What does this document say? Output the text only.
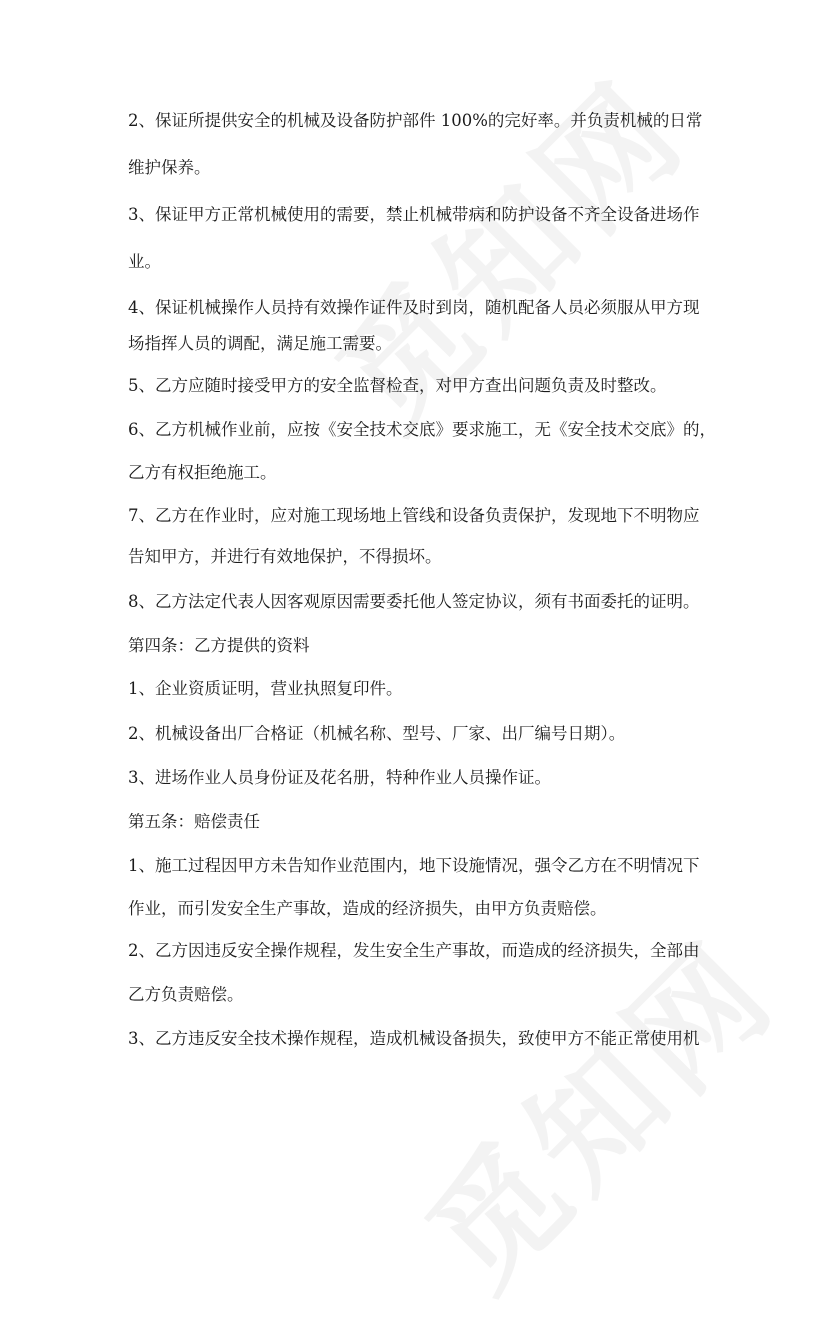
2、保证所提供安全的机械及设备防护部件 100%的完好率。并负责机械的日常
维护保养。
3、保证甲方正常机械使用的需要，禁止机械带病和防护设备不齐全设备进场作
业。
4、保证机械操作人员持有效操作证件及时到岗，随机配备人员必须服从甲方现
场指挥人员的调配，满足施工需要。
5、乙方应随时接受甲方的安全监督检查，对甲方查出问题负责及时整改。
6、乙方机械作业前，应按《安全技术交底》要求施工，无《安全技术交底》的，
乙方有权拒绝施工。
7、乙方在作业时，应对施工现场地上管线和设备负责保护，发现地下不明物应
告知甲方，并进行有效地保护，不得损坏。
8、乙方法定代表人因客观原因需要委托他人签定协议，须有书面委托的证明。
第四条：乙方提供的资料
1、企业资质证明，营业执照复印件。
2、机械设备出厂合格证（机械名称、型号、厂家、出厂编号日期）。
3、进场作业人员身份证及花名册，特种作业人员操作证。
第五条：赔偿责任
1、施工过程因甲方未告知作业范围内，地下设施情况，强令乙方在不明情况下
作业，而引发安全生产事故，造成的经济损失，由甲方负责赔偿。
2、乙方因违反安全操作规程，发生安全生产事故，而造成的经济损失，全部由
乙方负责赔偿。
3、乙方违反安全技术操作规程，造成机械设备损失，致使甲方不能正常使用机
